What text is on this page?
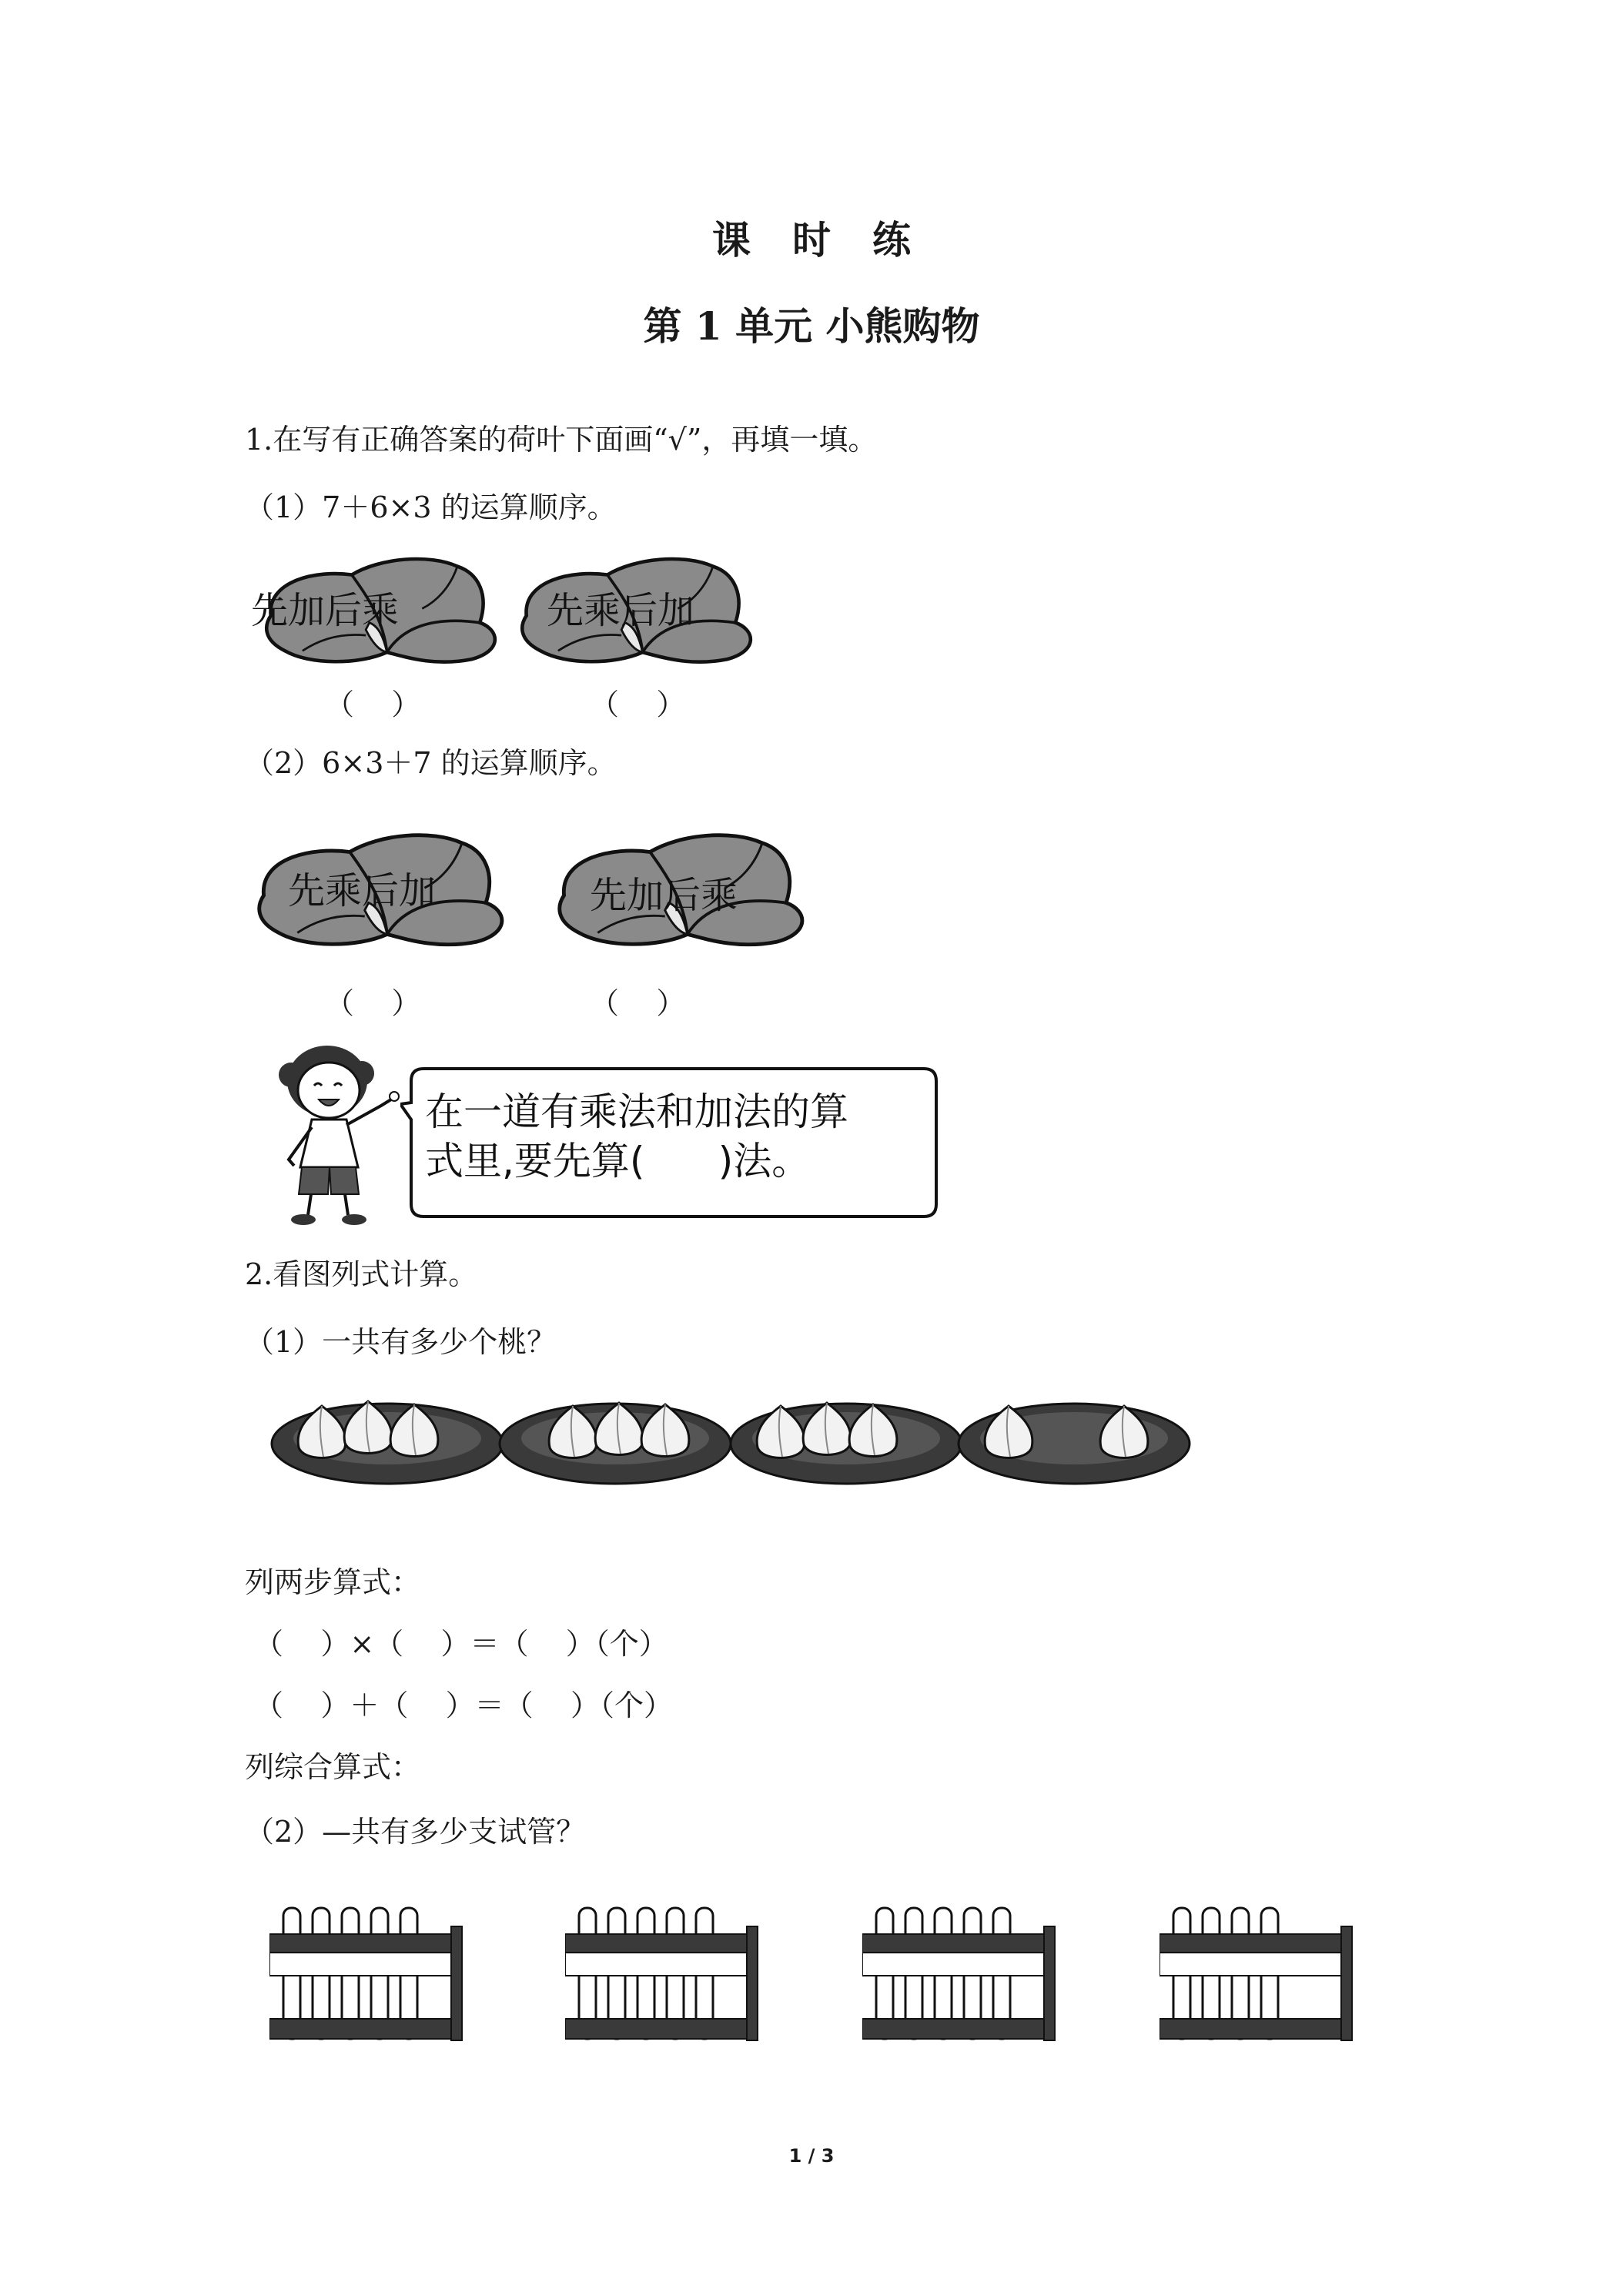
课时练
第 1 单元 小熊购物
1.在写有正确答案的荷叶下面画“√”，再填一填。
（1）7＋6×3 的运算顺序。
先加后乘	先乘后加
（    ）	（    ）
（2）6×3＋7 的运算顺序。
先乘后加	先加后乘
（    ）	（    ）
在一道有乘法和加法的算
式里,要先算(      )法。
2.看图列式计算。
（1）一共有多少个桃？
列两步算式：
（    ）×（    ）＝（    ）（个）
（    ）＋（    ）＝（    ）（个）
列综合算式：
（2）—共有多少支试管？
1 / 3
